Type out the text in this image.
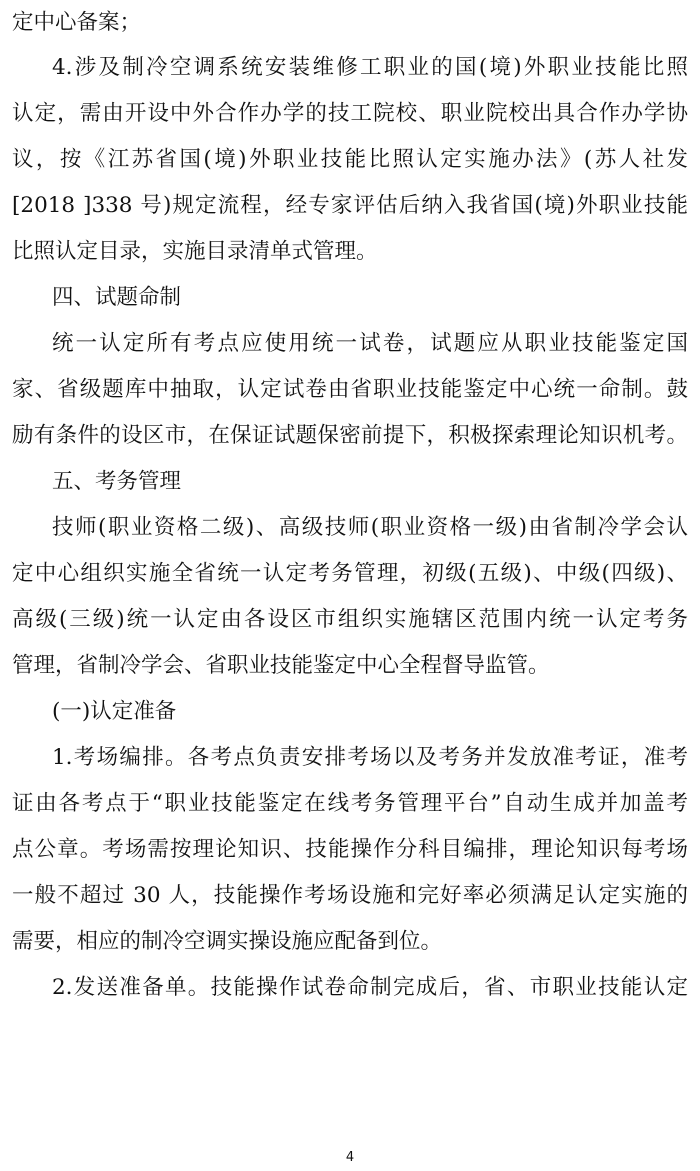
定中心备案；
4.涉及制冷空调系统安装维修工职业的国(境)外职业技能比照
认定，需由开设中外合作办学的技工院校、职业院校出具合作办学协
议，按《江苏省国(境)外职业技能比照认定实施办法》(苏人社发
[2018 ]338 号)规定流程，经专家评估后纳入我省国(境)外职业技能
比照认定目录，实施目录清单式管理。
四、试题命制
统一认定所有考点应使用统一试卷，试题应从职业技能鉴定国
家、省级题库中抽取，认定试卷由省职业技能鉴定中心统一命制。鼓
励有条件的设区市，在保证试题保密前提下，积极探索理论知识机考。
五、考务管理
技师(职业资格二级)、高级技师(职业资格一级)由省制冷学会认
定中心组织实施全省统一认定考务管理，初级(五级)、中级(四级)、
高级(三级)统一认定由各设区市组织实施辖区范围内统一认定考务
管理，省制冷学会、省职业技能鉴定中心全程督导监管。
(一)认定准备
1.考场编排。各考点负责安排考场以及考务并发放准考证，准考
证由各考点于“职业技能鉴定在线考务管理平台”自动生成并加盖考
点公章。考场需按理论知识、技能操作分科目编排，理论知识每考场
一般不超过 30 人，技能操作考场设施和完好率必须满足认定实施的
需要，相应的制冷空调实操设施应配备到位。
2.发送准备单。技能操作试卷命制完成后，省、市职业技能认定
4
